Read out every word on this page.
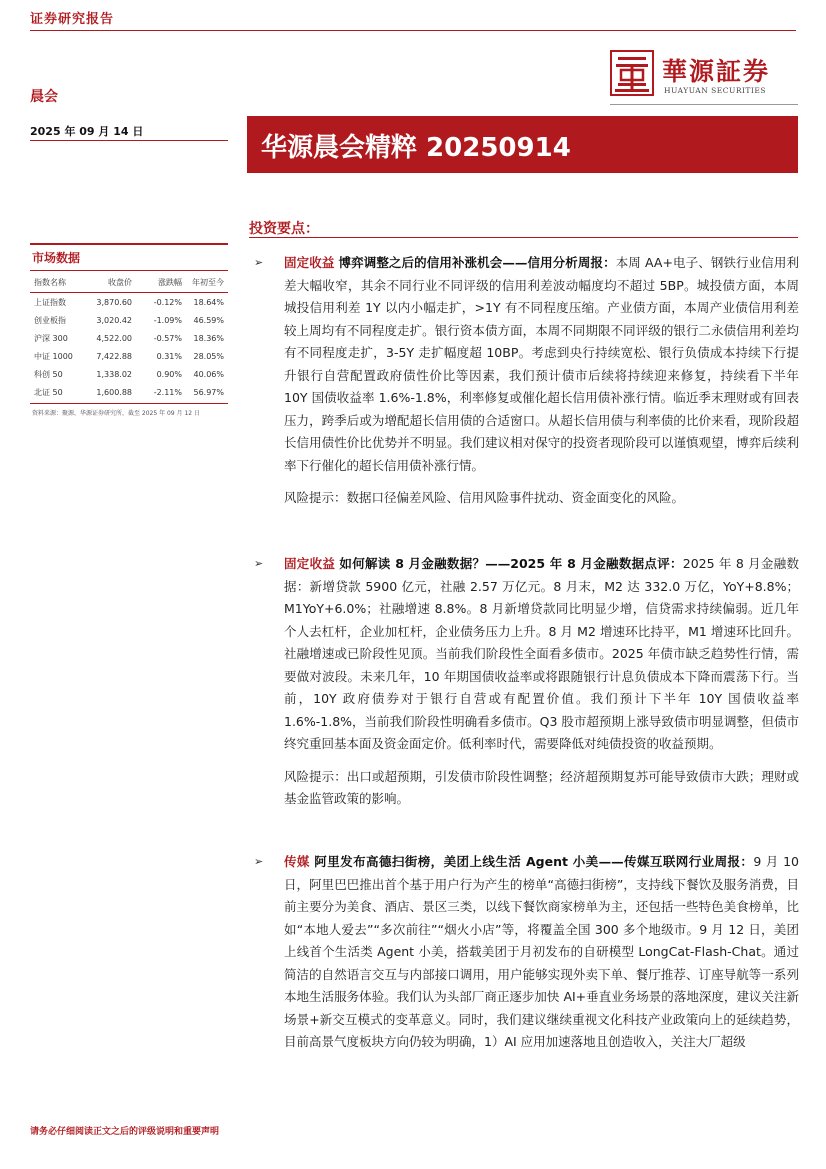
证券研究报告
華源証券
HUAYUAN SECURITIES
晨会
2025 年 09 月 14 日
华源晨会精粹 20250914
投资要点：
市场数据
指数名称	收盘价	涨跌幅	年初至今
上证指数	3,870.60	-0.12%	18.64%
创业板指	3,020.42	-1.09%	46.59%
沪深 300	4,522.00	-0.57%	18.36%
中证 1000	7,422.88	0.31%	28.05%
科创 50	1,338.02	0.90%	40.06%
北证 50	1,600.88	-2.11%	56.97%
资料来源：聚源，华源证券研究所，截至 2025 年 09 月 12 日
➢ 固定收益 博弈调整之后的信用补涨机会——信用分析周报：本周 AA+电子、钢铁行业信用利差大幅收窄，其余不同行业不同评级的信用利差波动幅度均不超过 5BP。城投债方面，本周城投信用利差 1Y 以内小幅走扩，>1Y 有不同程度压缩。产业债方面，本周产业债信用利差较上周均有不同程度走扩。银行资本债方面，本周不同期限不同评级的银行二永债信用利差均有不同程度走扩，3-5Y 走扩幅度超 10BP。考虑到央行持续宽松、银行负债成本持续下行提升银行自营配置政府债性价比等因素，我们预计债市后续将持续迎来修复，持续看下半年 10Y 国债收益率 1.6%-1.8%，利率修复或催化超长信用债补涨行情。临近季末理财或有回表压力，跨季后或为增配超长信用债的合适窗口。从超长信用债与利率债的比价来看，现阶段超长信用债性价比优势并不明显。我们建议相对保守的投资者现阶段可以谨慎观望，博弈后续利率下行催化的超长信用债补涨行情。
风险提示：数据口径偏差风险、信用风险事件扰动、资金面变化的风险。
➢ 固定收益 如何解读 8 月金融数据？——2025 年 8 月金融数据点评：2025 年 8 月金融数据：新增贷款 5900 亿元，社融 2.57 万亿元。8 月末，M2 达 332.0 万亿，YoY+8.8%；M1YoY+6.0%；社融增速 8.8%。8 月新增贷款同比明显少增，信贷需求持续偏弱。近几年个人去杠杆，企业加杠杆，企业债务压力上升。8 月 M2 增速环比持平，M1 增速环比回升。社融增速或已阶段性见顶。当前我们阶段性全面看多债市。2025 年债市缺乏趋势性行情，需要做对波段。未来几年，10 年期国债收益率或将跟随银行计息负债成本下降而震荡下行。当前，10Y 政府债券对于银行自营或有配置价值。我们预计下半年 10Y 国债收益率 1.6%-1.8%，当前我们阶段性明确看多债市。Q3 股市超预期上涨导致债市明显调整，但债市终究重回基本面及资金面定价。低利率时代，需要降低对纯债投资的收益预期。
风险提示：出口或超预期，引发债市阶段性调整；经济超预期复苏可能导致债市大跌；理财或基金监管政策的影响。
➢ 传媒 阿里发布高德扫街榜，美团上线生活 Agent 小美——传媒互联网行业周报：9 月 10 日，阿里巴巴推出首个基于用户行为产生的榜单“高德扫街榜”，支持线下餐饮及服务消费，目前主要分为美食、酒店、景区三类，以线下餐饮商家榜单为主，还包括一些特色美食榜单，比如“本地人爱去”“多次前往”“烟火小店”等，将覆盖全国 300 多个地级市。9 月 12 日，美团上线首个生活类 Agent 小美，搭载美团于月初发布的自研模型 LongCat-Flash-Chat。通过简洁的自然语言交互与内部接口调用，用户能够实现外卖下单、餐厅推荐、订座导航等一系列本地生活服务体验。我们认为头部厂商正逐步加快 AI+垂直业务场景的落地深度，建议关注新场景+新交互模式的变革意义。同时，我们建议继续重视文化科技产业政策向上的延续趋势，目前高景气度板块方向仍较为明确，1）AI 应用加速落地且创造收入，关注大厂超级
请务必仔细阅读正文之后的评级说明和重要声明
